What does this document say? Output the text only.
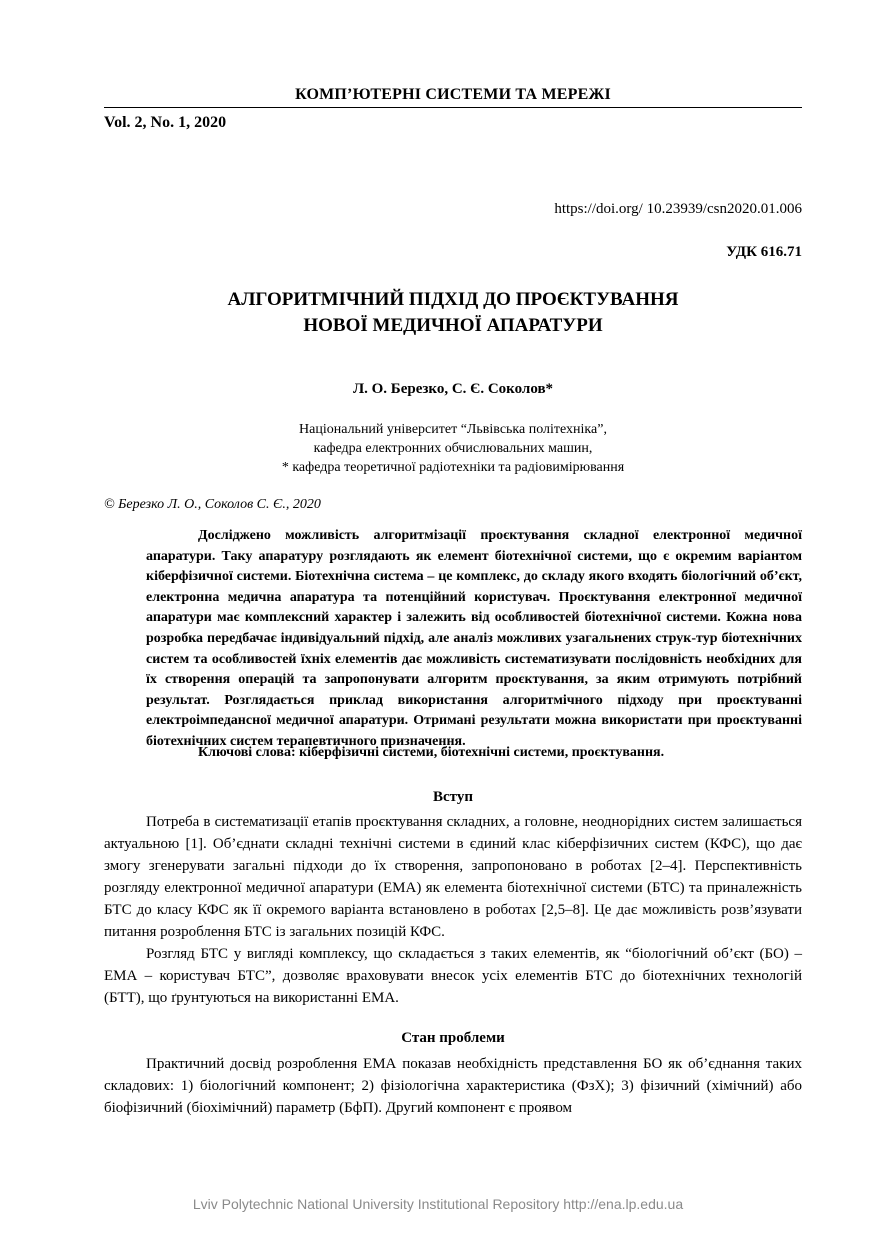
КОМП’ЮТЕРНІ СИСТЕМИ ТА МЕРЕЖІ
Vol. 2, No. 1, 2020
https://doi.org/ 10.23939/csn2020.01.006
УДК 616.71
АЛГОРИТМІЧНИЙ ПІДХІД ДО ПРОЄКТУВАННЯ
НОВОЇ МЕДИЧНОЇ АПАРАТУРИ
Л. О. Березко, С. Є. Соколов*
Національний університет “Львівська політехніка”,
кафедра електронних обчислювальних машин,
* кафедра теоретичної радіотехніки та радіовимірювання
© Березко Л. О., Соколов С. Є., 2020

Досліджено можливість алгоритмізації проєктування складної електронної медичної апаратури. Таку апаратуру розглядають як елемент біотехнічної системи, що є окремим варіантом кіберфізичної системи. Біотехнічна система – це комплекс, до складу якого входять біологічний об’єкт, електронна медична апаратура та потенційний користувач. Проєктування електронної медичної апаратури має комплексний характер і залежить від особливостей біотехнічної системи. Кожна нова розробка передбачає індивідуальний підхід, але аналіз можливих узагальнених струк-тур біотехнічних систем та особливостей їхніх елементів дає можливість систематизувати послідовність необхідних для їх створення операцій та запропонувати алгоритм проєктування, за яким отримують потрібний результат. Розглядається приклад використання алгоритмічного підходу при проєктуванні електроімпедансної медичної апаратури. Отримані результати можна використати при проєктуванні біотехнічних систем терапевтичного призначення.

Ключові слова: кіберфізичні системи, біотехнічні системи, проєктування.

Вступ

Потреба в систематизації етапів проєктування складних, а головне, неоднорідних систем залишається актуальною [1]. Об’єднати складні технічні системи в єдиний клас кіберфізичних систем (КФС), що дає змогу згенерувати загальні підходи до їх створення, запропоновано в роботах [2–4]. Перспективність розгляду електронної медичної апаратури (ЕМА) як елемента біотехнічної системи (БТС) та приналежність БТС до класу КФС як її окремого варіанта встановлено в роботах [2,5–8]. Це дає можливість розв’язувати питання розроблення БТС із загальних позицій КФС.

Розгляд БТС у вигляді комплексу, що складається з таких елементів, як “біологічний об’єкт (БО) – ЕМА – користувач БТС”, дозволяє враховувати внесок усіх елементів БТС до біотехнічних технологій (БТТ), що ґрунтуються на використанні ЕМА.

Стан проблеми

Практичний досвід розроблення ЕМА показав необхідність представлення БО як об’єднання таких складових: 1) біологічний компонент; 2) фізіологічна характеристика (ФзХ); 3) фізичний (хімічний) або біофізичний (біохімічний) параметр (БфП). Другий компонент є проявом

Lviv Polytechnic National University Institutional Repository http://ena.lp.edu.ua
